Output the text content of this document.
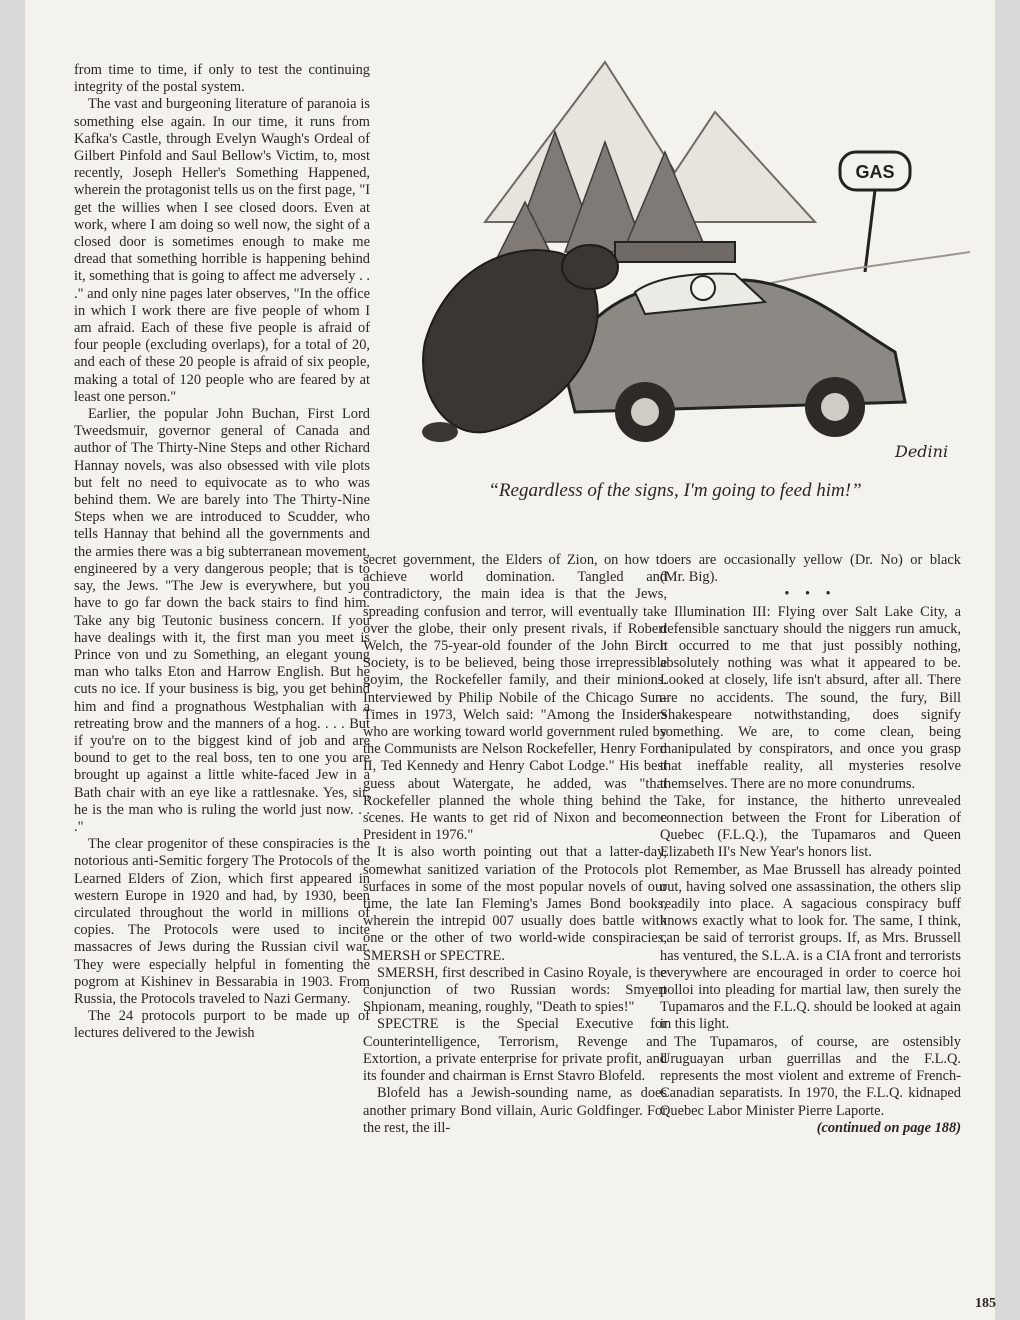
from time to time, if only to test the continuing integrity of the postal system.

The vast and burgeoning literature of paranoia is something else again. In our time, it runs from Kafka's Castle, through Evelyn Waugh's Ordeal of Gilbert Pinfold and Saul Bellow's Victim, to, most recently, Joseph Heller's Something Happened, wherein the protagonist tells us on the first page, "I get the willies when I see closed doors. Even at work, where I am doing so well now, the sight of a closed door is sometimes enough to make me dread that something horrible is happening behind it, something that is going to affect me adversely . . ." and only nine pages later observes, "In the office in which I work there are five people of whom I am afraid. Each of these five people is afraid of four people (excluding overlaps), for a total of 20, and each of these 20 people is afraid of six people, making a total of 120 people who are feared by at least one person."

Earlier, the popular John Buchan, First Lord Tweedsmuir, governor general of Canada and author of The Thirty-Nine Steps and other Richard Hannay novels, was also obsessed with vile plots but felt no need to equivocate as to who was behind them. We are barely into The Thirty-Nine Steps when we are introduced to Scudder, who tells Hannay that behind all the governments and the armies there was a big subterranean movement, engineered by a very dangerous people; that is to say, the Jews. "The Jew is everywhere, but you have to go far down the back stairs to find him. Take any big Teutonic business concern. If you have dealings with it, the first man you meet is Prince von und zu Something, an elegant young man who talks Eton and Harrow English. But he cuts no ice. If your business is big, you get behind him and find a prognathous Westphalian with a retreating brow and the manners of a hog. . . . But if you're on to the biggest kind of job and are bound to get to the real boss, ten to one you are brought up against a little white-faced Jew in a Bath chair with an eye like a rattlesnake. Yes, sir, he is the man who is ruling the world just now. . . ."

The clear progenitor of these conspiracies is the notorious anti-Semitic forgery The Protocols of the Learned Elders of Zion, which first appeared in western Europe in 1920 and had, by 1930, been circulated throughout the world in millions of copies. The Protocols were used to incite massacres of Jews during the Russian civil war. They were especially helpful in fomenting the pogrom at Kishinev in Bessarabia in 1903. From Russia, the Protocols traveled to Nazi Germany.

The 24 protocols purport to be made up of lectures delivered to the Jewish

GAS
Dedini
“Regardless of the signs, I'm going to feed him!”

secret government, the Elders of Zion, on how to achieve world domination. Tangled and contradictory, the main idea is that the Jews, spreading confusion and terror, will eventually take over the globe, their only present rivals, if Robert Welch, the 75-year-old founder of the John Birch Society, is to be believed, being those irrepressible goyim, the Rockefeller family, and their minions. Interviewed by Philip Nobile of the Chicago Sun-Times in 1973, Welch said: "Among the Insiders who are working toward world government ruled by the Communists are Nelson Rockefeller, Henry Ford II, Ted Kennedy and Henry Cabot Lodge." His best guess about Watergate, he added, was "that Rockefeller planned the whole thing behind the scenes. He wants to get rid of Nixon and become President in 1976."

It is also worth pointing out that a latter-day, somewhat sanitized variation of the Protocols plot surfaces in some of the most popular novels of our time, the late Ian Fleming's James Bond books, wherein the intrepid 007 usually does battle with one or the other of two world-wide conspiracies, SMERSH or SPECTRE.

SMERSH, first described in Casino Royale, is the conjunction of two Russian words: Smyert Shpionam, meaning, roughly, "Death to spies!"

SPECTRE is the Special Executive for Counterintelligence, Terrorism, Revenge and Extortion, a private enterprise for private profit, and its founder and chairman is Ernst Stavro Blofeld.

Blofeld has a Jewish-sounding name, as does another primary Bond villain, Auric Goldfinger. For the rest, the ill-

doers are occasionally yellow (Dr. No) or black (Mr. Big).

• • •

Illumination III: Flying over Salt Lake City, a defensible sanctuary should the niggers run amuck, it occurred to me that just possibly nothing, absolutely nothing was what it appeared to be. Looked at closely, life isn't absurd, after all. There are no accidents. The sound, the fury, Bill Shakespeare notwithstanding, does signify something. We are, to come clean, being manipulated by conspirators, and once you grasp that ineffable reality, all mysteries resolve themselves. There are no more conundrums.

Take, for instance, the hitherto unrevealed connection between the Front for Liberation of Quebec (F.L.Q.), the Tupamaros and Queen Elizabeth II's New Year's honors list.

Remember, as Mae Brussell has already pointed out, having solved one assassination, the others slip readily into place. A sagacious conspiracy buff knows exactly what to look for. The same, I think, can be said of terrorist groups. If, as Mrs. Brussell has ventured, the S.L.A. is a CIA front and terrorists everywhere are encouraged in order to coerce hoi polloi into pleading for martial law, then surely the Tupamaros and the F.L.Q. should be looked at again in this light.

The Tupamaros, of course, are ostensibly Uruguayan urban guerrillas and the F.L.Q. represents the most violent and extreme of French-Canadian separatists. In 1970, the F.L.Q. kidnaped Quebec Labor Minister Pierre Laporte.

(continued on page 188)
185
